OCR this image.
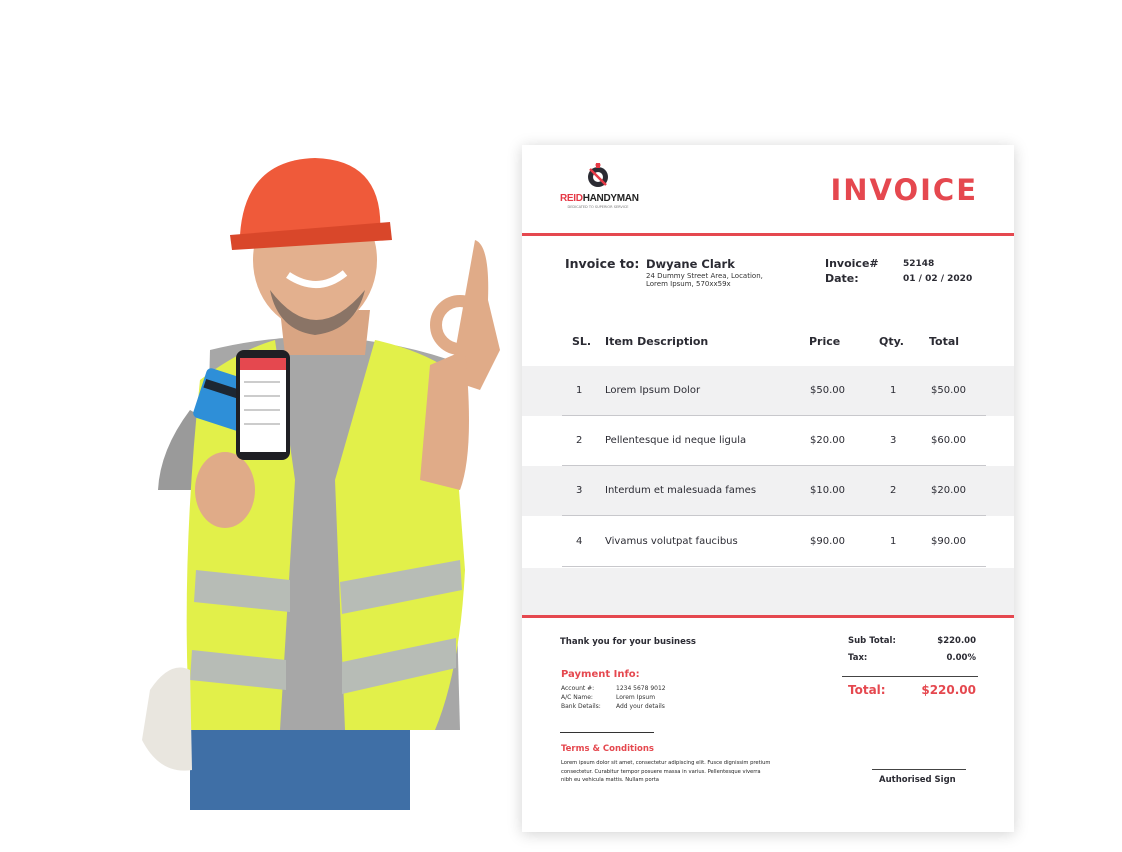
REIDHANDYMAN
DEDICATED TO SUPERIOR SERVICE	INVOICE
Invoice to: Dwyane Clark
24 Dummy Street Area, Location, Lorem Ipsum, 570xx59x
Invoice#	52148
Date:	01 / 02 / 2020
SL. Item Description	Price	Qty. Total
1 Lorem Ipsum Dolor	$50.00	1	$50.00
2 Pellentesque id neque ligula	$20.00	3	$60.00
3 Interdum et malesuada fames	$10.00	2	$20.00
4 Vivamus volutpat faucibus	$90.00	1	$90.00
Thank you for your business
Payment Info:
Account #:	1234 5678 9012
A/C Name:	Lorem Ipsum
Bank Details:	Add your details
Terms & Conditions
Lorem ipsum dolor sit amet, consectetur adipiscing elit. Fusce dignissim pretium consectetur. Curabitur tempor posuere massa in varius. Pellentesque viverra nibh eu vehicula mattis. Nullam porta
Sub Total:	$220.00
Tax:	0.00%
Total:	$220.00
Authorised Sign
